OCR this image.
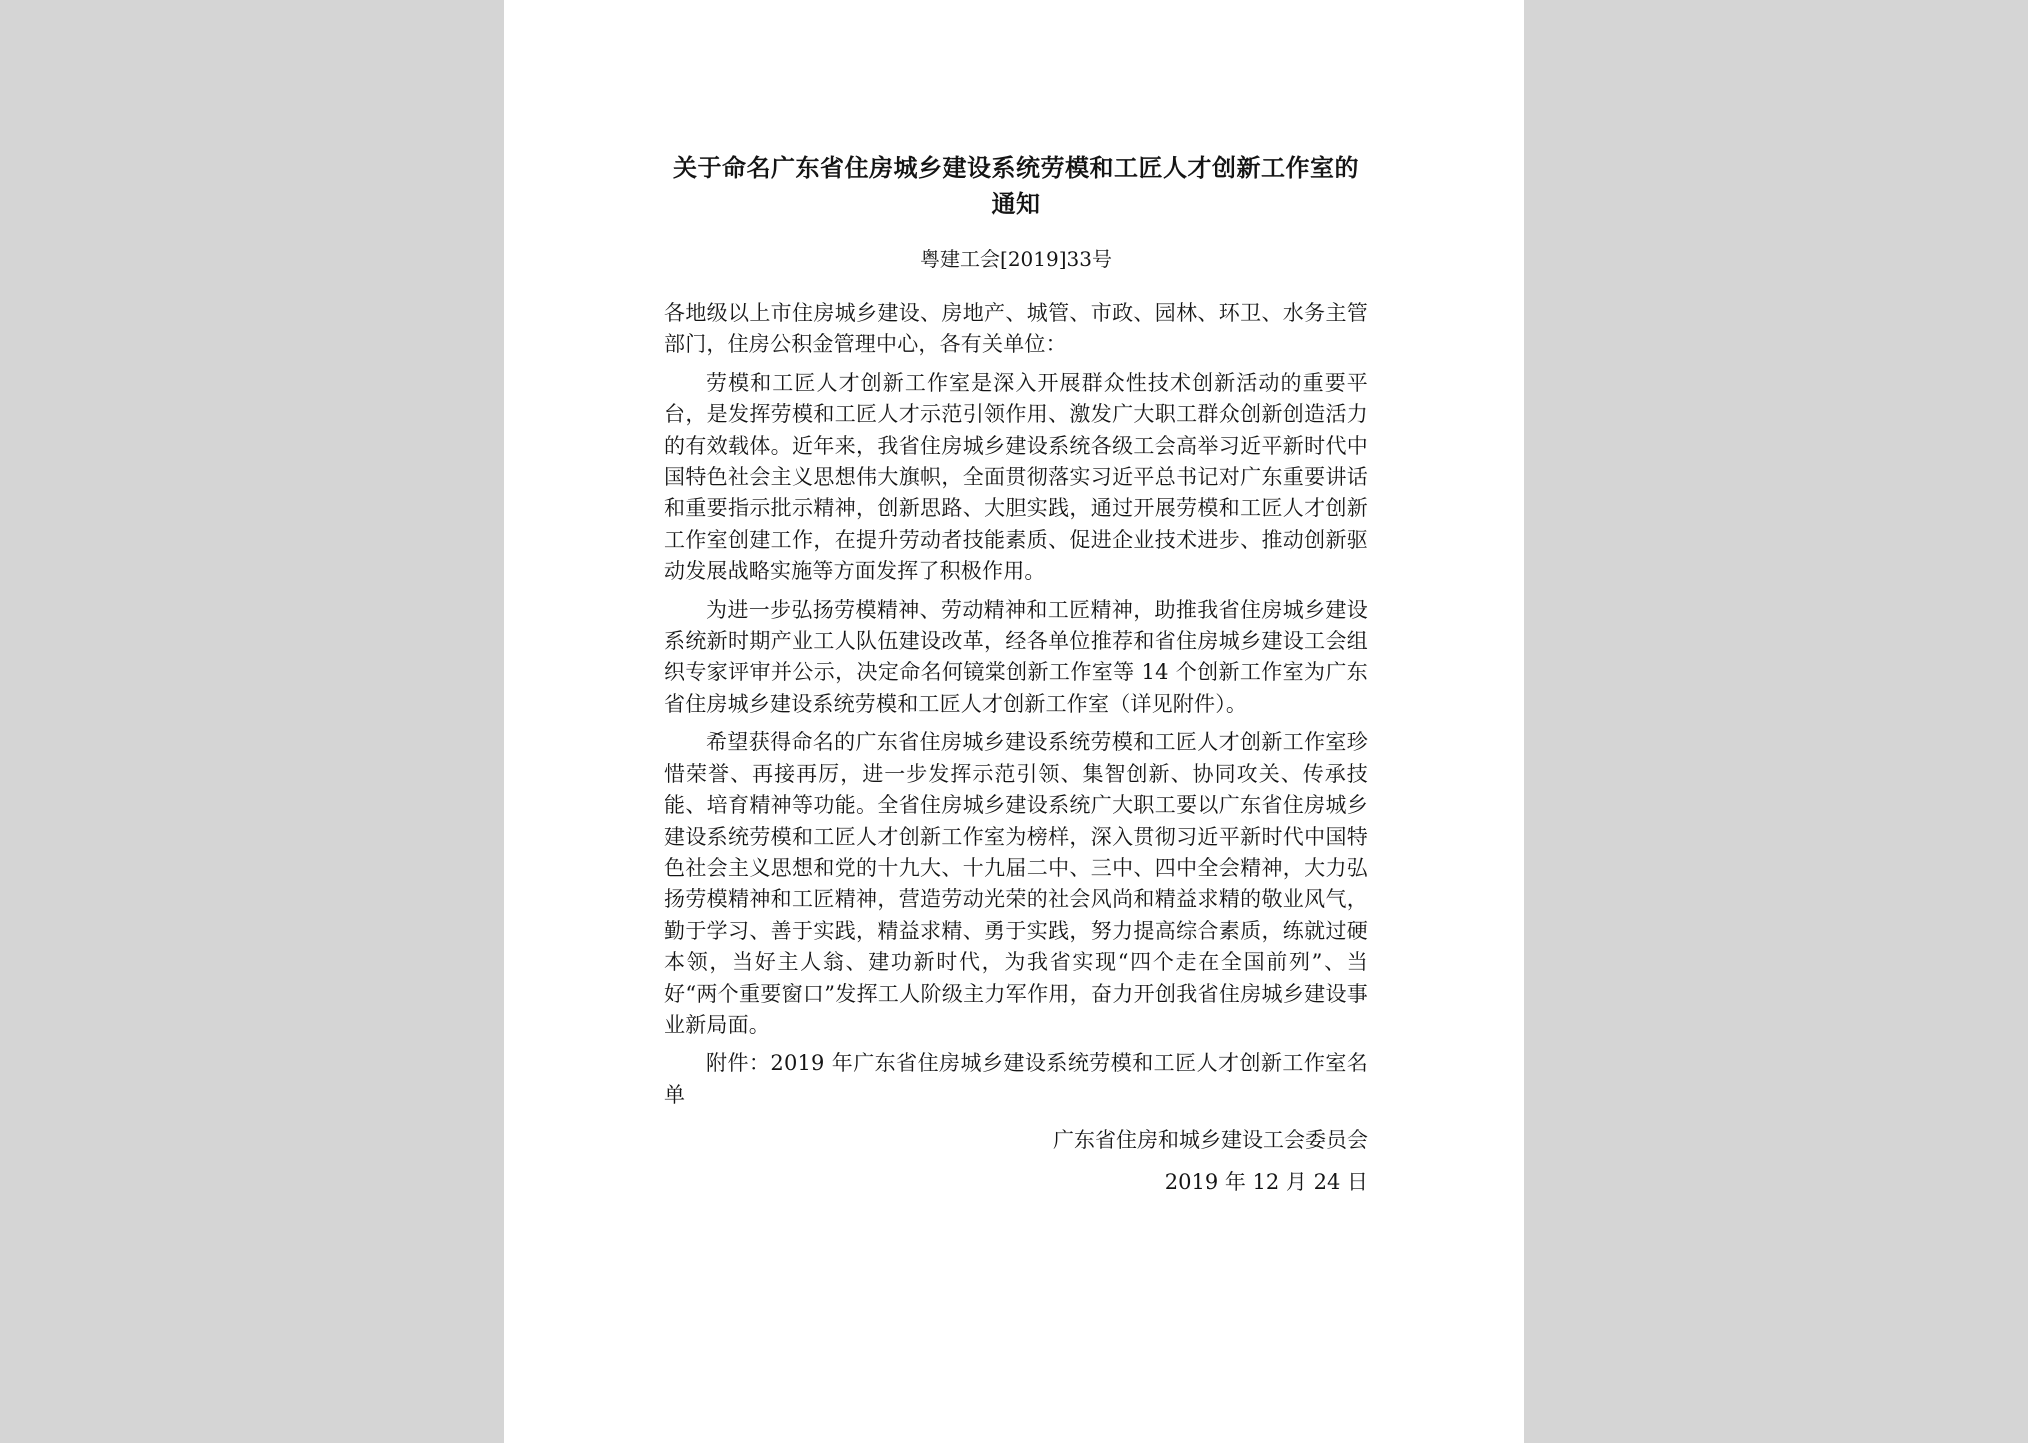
关于命名广东省住房城乡建设系统劳模和工匠人才创新工作室的通知
粤建工会[2019]33号

各地级以上市住房城乡建设、房地产、城管、市政、园林、环卫、水务主管部门，住房公积金管理中心，各有关单位：

劳模和工匠人才创新工作室是深入开展群众性技术创新活动的重要平台，是发挥劳模和工匠人才示范引领作用、激发广大职工群众创新创造活力的有效载体。近年来，我省住房城乡建设系统各级工会高举习近平新时代中国特色社会主义思想伟大旗帜，全面贯彻落实习近平总书记对广东重要讲话和重要指示批示精神，创新思路、大胆实践，通过开展劳模和工匠人才创新工作室创建工作，在提升劳动者技能素质、促进企业技术进步、推动创新驱动发展战略实施等方面发挥了积极作用。

为进一步弘扬劳模精神、劳动精神和工匠精神，助推我省住房城乡建设系统新时期产业工人队伍建设改革，经各单位推荐和省住房城乡建设工会组织专家评审并公示，决定命名何镜棠创新工作室等 14 个创新工作室为广东省住房城乡建设系统劳模和工匠人才创新工作室（详见附件）。

希望获得命名的广东省住房城乡建设系统劳模和工匠人才创新工作室珍惜荣誉、再接再厉，进一步发挥示范引领、集智创新、协同攻关、传承技能、培育精神等功能。全省住房城乡建设系统广大职工要以广东省住房城乡建设系统劳模和工匠人才创新工作室为榜样，深入贯彻习近平新时代中国特色社会主义思想和党的十九大、十九届二中、三中、四中全会精神，大力弘扬劳模精神和工匠精神，营造劳动光荣的社会风尚和精益求精的敬业风气，勤于学习、善于实践，精益求精、勇于实践，努力提高综合素质，练就过硬本领，当好主人翁、建功新时代，为我省实现“四个走在全国前列”、当好“两个重要窗口”发挥工人阶级主力军作用，奋力开创我省住房城乡建设事业新局面。

附件：2019 年广东省住房城乡建设系统劳模和工匠人才创新工作室名单

广东省住房和城乡建设工会委员会
2019 年 12 月 24 日
